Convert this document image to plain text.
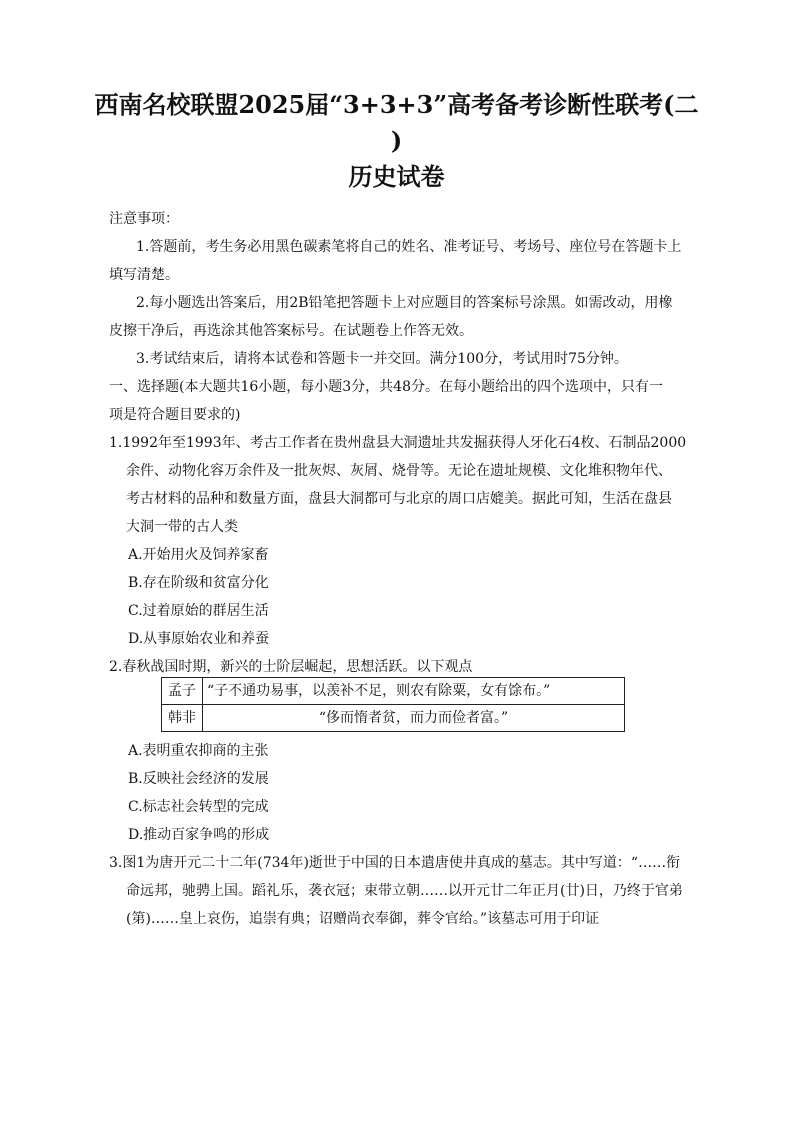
西南名校联盟2025届“3+3+3”高考备考诊断性联考(二
)
历史试卷
注意事项：
1.答题前，考生务必用黑色碳素笔将自己的姓名、准考证号、考场号、座位号在答题卡上
填写清楚。
2.每小题选出答案后，用2B铅笔把答题卡上对应题目的答案标号涂黑。如需改动，用橡
皮擦干净后，再选涂其他答案标号。在试题卷上作答无效。
3.考试结束后，请将本试卷和答题卡一并交回。满分100分，考试用时75分钟。
一、选择题(本大题共16小题，每小题3分，共48分。在每小题给出的四个选项中，只有一
项是符合题目要求的)
1.1992年至1993年、考古工作者在贵州盘县大洞遗址共发掘获得人牙化石4枚、石制品2000
余件、动物化容万余件及一批灰烬、灰屑、烧骨等。无论在遗址规模、文化堆积物年代、
考古材料的品种和数量方面，盘县大洞都可与北京的周口店媲美。据此可知，生活在盘县
大洞一带的古人类
A.开始用火及饲养家畜
B.存在阶级和贫富分化
C.过着原始的群居生活
D.从事原始农业和养蚕
2.春秋战国时期，新兴的士阶层崛起，思想活跃。以下观点
孟子	“子不通功易事，以羡补不足，则农有除粟，女有馀布。”
韩非	“侈而惰者贫，而力而俭者富。”
A.表明重农抑商的主张
B.反映社会经济的发展
C.标志社会转型的完成
D.推动百家争鸣的形成
3.图1为唐开元二十二年(734年)逝世于中国的日本遣唐使井真成的墓志。其中写道：“……衔
命远邦，驰骋上国。蹈礼乐，袭衣冠；束带立朝……以开元廿二年正月(廿)日，乃终于官弟
(第)……皇上哀伤，追崇有典；诏赠尚衣奉御，葬令官给。”该墓志可用于印证
